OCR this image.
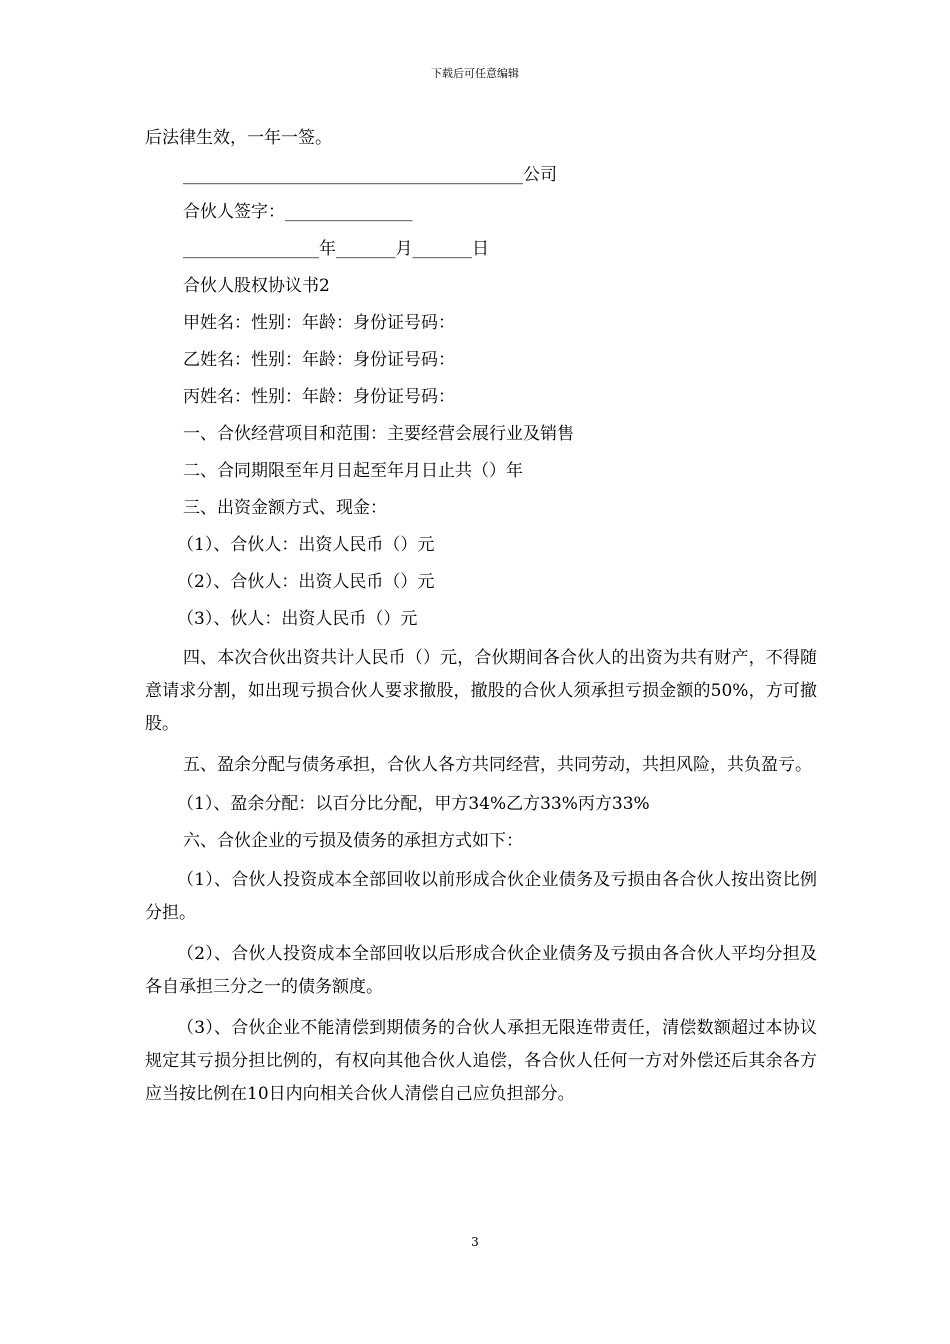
下载后可任意编辑

后法律生效，一年一签。

________________________________________公司

合伙人签字：_______________

________________年_______月_______日

合伙人股权协议书2

甲姓名：性别：年龄：身份证号码：

乙姓名：性别：年龄：身份证号码：

丙姓名：性别：年龄：身份证号码：

一、合伙经营项目和范围：主要经营会展行业及销售

二、合同期限至年月日起至年月日止共（）年

三、出资金额方式、现金：

（1）、合伙人：出资人民币（）元

（2）、合伙人：出资人民币（）元

（3）、伙人：出资人民币（）元

四、本次合伙出资共计人民币（）元，合伙期间各合伙人的出资为共有财产，不得随意请求分割，如出现亏损合伙人要求撤股，撤股的合伙人须承担亏损金额的50%，方可撤股。

五、盈余分配与债务承担，合伙人各方共同经营，共同劳动，共担风险，共负盈亏。

（1）、盈余分配：以百分比分配，甲方34%乙方33%丙方33%

六、合伙企业的亏损及债务的承担方式如下：

（1）、合伙人投资成本全部回收以前形成合伙企业债务及亏损由各合伙人按出资比例分担。

（2）、合伙人投资成本全部回收以后形成合伙企业债务及亏损由各合伙人平均分担及各自承担三分之一的债务额度。

（3）、合伙企业不能清偿到期债务的合伙人承担无限连带责任，清偿数额超过本协议规定其亏损分担比例的，有权向其他合伙人追偿，各合伙人任何一方对外偿还后其余各方应当按比例在10日内向相关合伙人清偿自己应负担部分。

3
